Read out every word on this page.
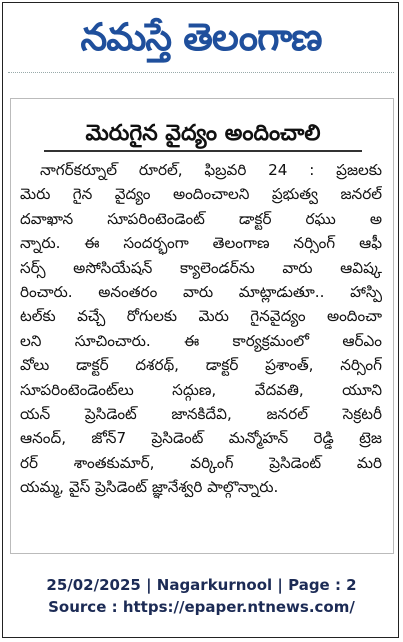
నమస్తే తెలంగాణ
మెరుగైన వైద్యం అందించాలి
నాగర్‌కర్నూల్ రూరల్, ఫిబ్రవరి 24 : ప్రజలకు
మెరు గైన వైద్యం అందించాలని ప్రభుత్వ జనరల్
దవాఖాన సూపరింటెండెంట్ డాక్టర్ రఘు అ
న్నారు. ఈ సందర్భంగా తెలంగాణ నర్సింగ్ ఆఫీ
సర్స్ అసోసియేషన్ క్యాలెండర్‌ను వారు ఆవిష్క
రించారు. అనంతరం వారు మాట్లాడుతూ.. హాస్పి
టల్‌కు వచ్చే రోగులకు మెరు గైనవైద్యం అందించా
లని సూచించారు. ఈ కార్యక్రమంలో ఆర్ఎం
వోలు డాక్టర్ దశరథ్, డాక్టర్ ప్రశాంత్, నర్సింగ్
సూపరింటెండెంట్‌లు సద్గుణ, వేదవతి, యూని
యన్ ప్రెసిడెంట్ జానకిదేవి, జనరల్ సెక్రటరీ
ఆనంద్, జోన్7 ప్రెసిడెంట్ మన్మోహన్ రెడ్డి ట్రెజ
రర్ శాంతకుమార్, వర్కింగ్ ప్రెసిడెంట్ మరి
యమ్మ, వైస్ ప్రెసిడెంట్ జ్ఞానేశ్వరి పాల్గొన్నారు.
25/02/2025 | Nagarkurnool | Page : 2
Source : https://epaper.ntnews.com/
